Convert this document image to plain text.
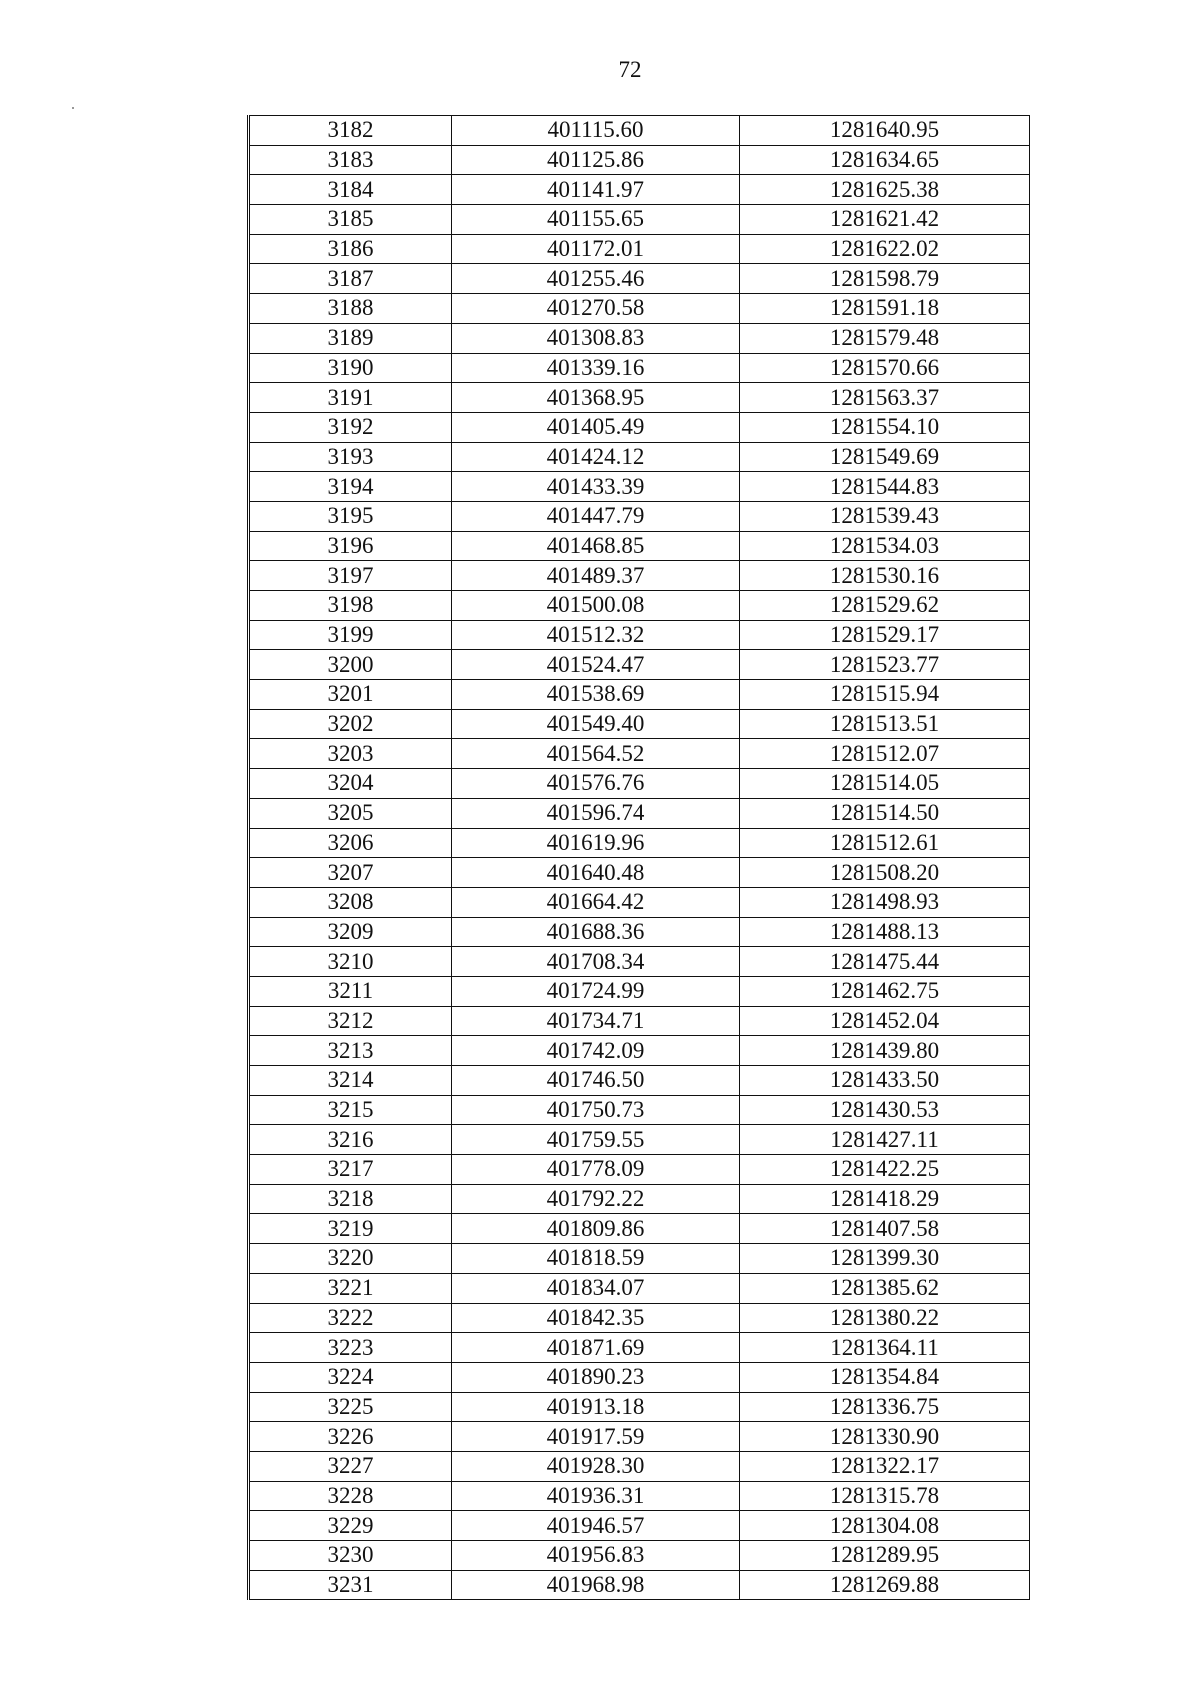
72
3182	401115.60	1281640.95
3183	401125.86	1281634.65
3184	401141.97	1281625.38
3185	401155.65	1281621.42
3186	401172.01	1281622.02
3187	401255.46	1281598.79
3188	401270.58	1281591.18
3189	401308.83	1281579.48
3190	401339.16	1281570.66
3191	401368.95	1281563.37
3192	401405.49	1281554.10
3193	401424.12	1281549.69
3194	401433.39	1281544.83
3195	401447.79	1281539.43
3196	401468.85	1281534.03
3197	401489.37	1281530.16
3198	401500.08	1281529.62
3199	401512.32	1281529.17
3200	401524.47	1281523.77
3201	401538.69	1281515.94
3202	401549.40	1281513.51
3203	401564.52	1281512.07
3204	401576.76	1281514.05
3205	401596.74	1281514.50
3206	401619.96	1281512.61
3207	401640.48	1281508.20
3208	401664.42	1281498.93
3209	401688.36	1281488.13
3210	401708.34	1281475.44
3211	401724.99	1281462.75
3212	401734.71	1281452.04
3213	401742.09	1281439.80
3214	401746.50	1281433.50
3215	401750.73	1281430.53
3216	401759.55	1281427.11
3217	401778.09	1281422.25
3218	401792.22	1281418.29
3219	401809.86	1281407.58
3220	401818.59	1281399.30
3221	401834.07	1281385.62
3222	401842.35	1281380.22
3223	401871.69	1281364.11
3224	401890.23	1281354.84
3225	401913.18	1281336.75
3226	401917.59	1281330.90
3227	401928.30	1281322.17
3228	401936.31	1281315.78
3229	401946.57	1281304.08
3230	401956.83	1281289.95
3231	401968.98	1281269.88
